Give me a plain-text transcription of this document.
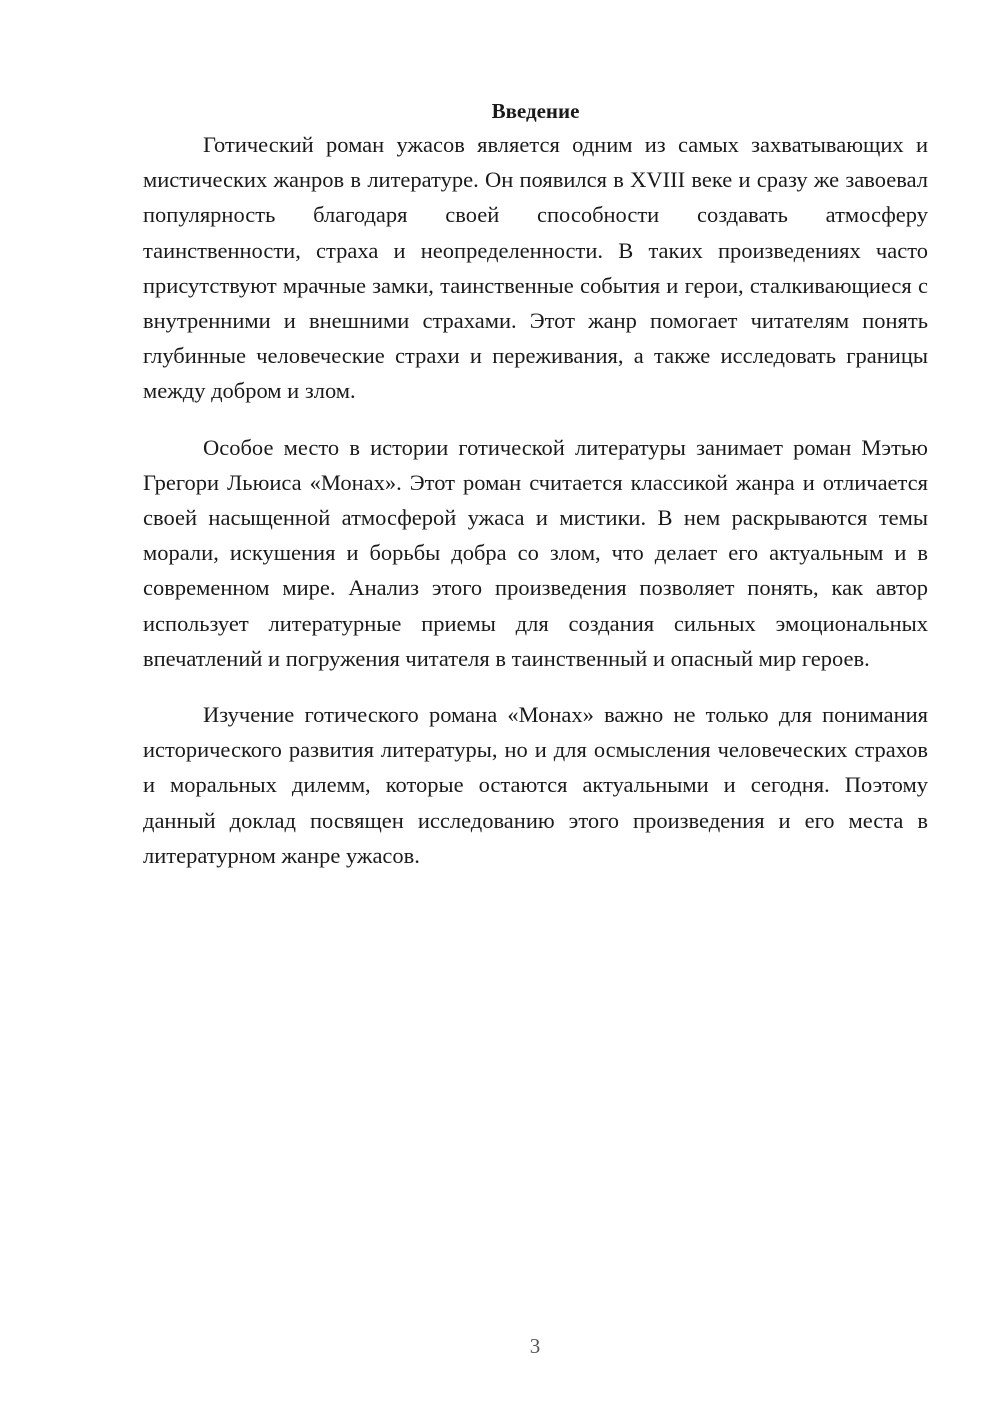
Введение

Готический роман ужасов является одним из самых захватывающих и мистических жанров в литературе. Он появился в XVIII веке и сразу же завоевал популярность благодаря своей способности создавать атмосферу таинственности, страха и неопределенности. В таких произведениях часто присутствуют мрачные замки, таинственные события и герои, сталкивающиеся с внутренними и внешними страхами. Этот жанр помогает читателям понять глубинные человеческие страхи и переживания, а также исследовать границы между добром и злом.

Особое место в истории готической литературы занимает роман Мэтью Грегори Льюиса «Монах». Этот роман считается классикой жанра и отличается своей насыщенной атмосферой ужаса и мистики. В нем раскрываются темы морали, искушения и борьбы добра со злом, что делает его актуальным и в современном мире. Анализ этого произведения позволяет понять, как автор использует литературные приемы для создания сильных эмоциональных впечатлений и погружения читателя в таинственный и опасный мир героев.

Изучение готического романа «Монах» важно не только для понимания исторического развития литературы, но и для осмысления человеческих страхов и моральных дилемм, которые остаются актуальными и сегодня. Поэтому данный доклад посвящен исследованию этого произведения и его места в литературном жанре ужасов.

3
